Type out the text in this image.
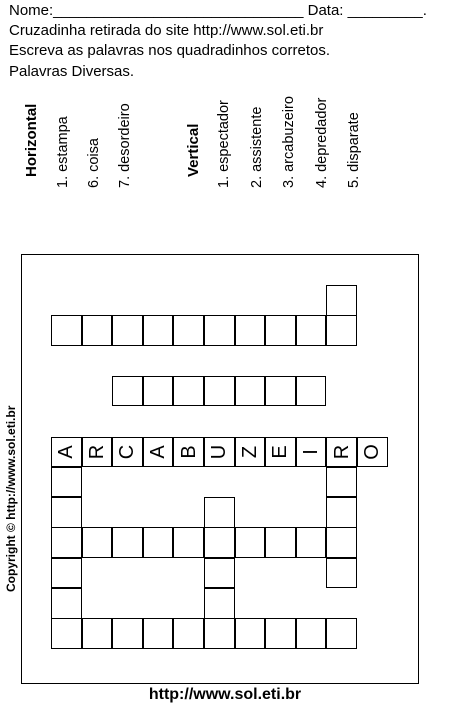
Nome:______________________________ Data: _________.
Cruzadinha retirada do site http://www.sol.eti.br
Escreva as palavras nos quadradinhos corretos.
Palavras Diversas.
Horizontal 1. estampa 6. coisa 7. desordeiro	Vertical 1. espectador 2. assistente 3. arcabuzeiro 4. depredador 5. disparate
Copyright © http://www.sol.eti.br A R C A B U Z E I R O
http://www.sol.eti.br
